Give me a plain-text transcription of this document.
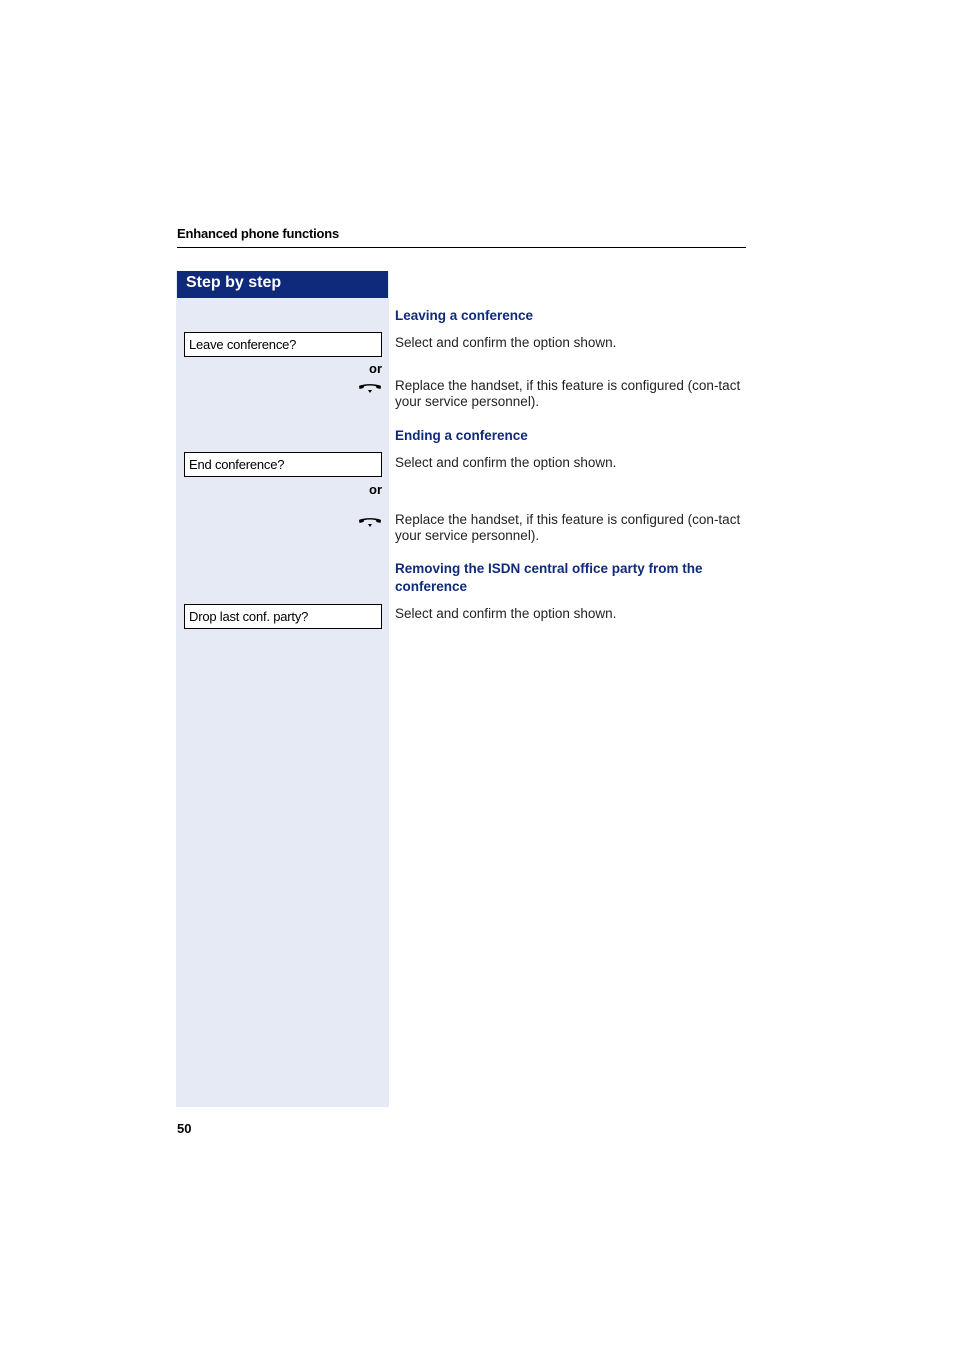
Enhanced phone functions
Step by step
Leaving a conference
Leave conference?	Select and confirm the option shown.
or
Replace the handset, if this feature is configured (con-tact your service personnel).
Ending a conference
End conference?	Select and confirm the option shown.
or
Replace the handset, if this feature is configured (con-tact your service personnel).
Removing the ISDN central office party from the conference
Drop last conf. party?	Select and confirm the option shown.
50
